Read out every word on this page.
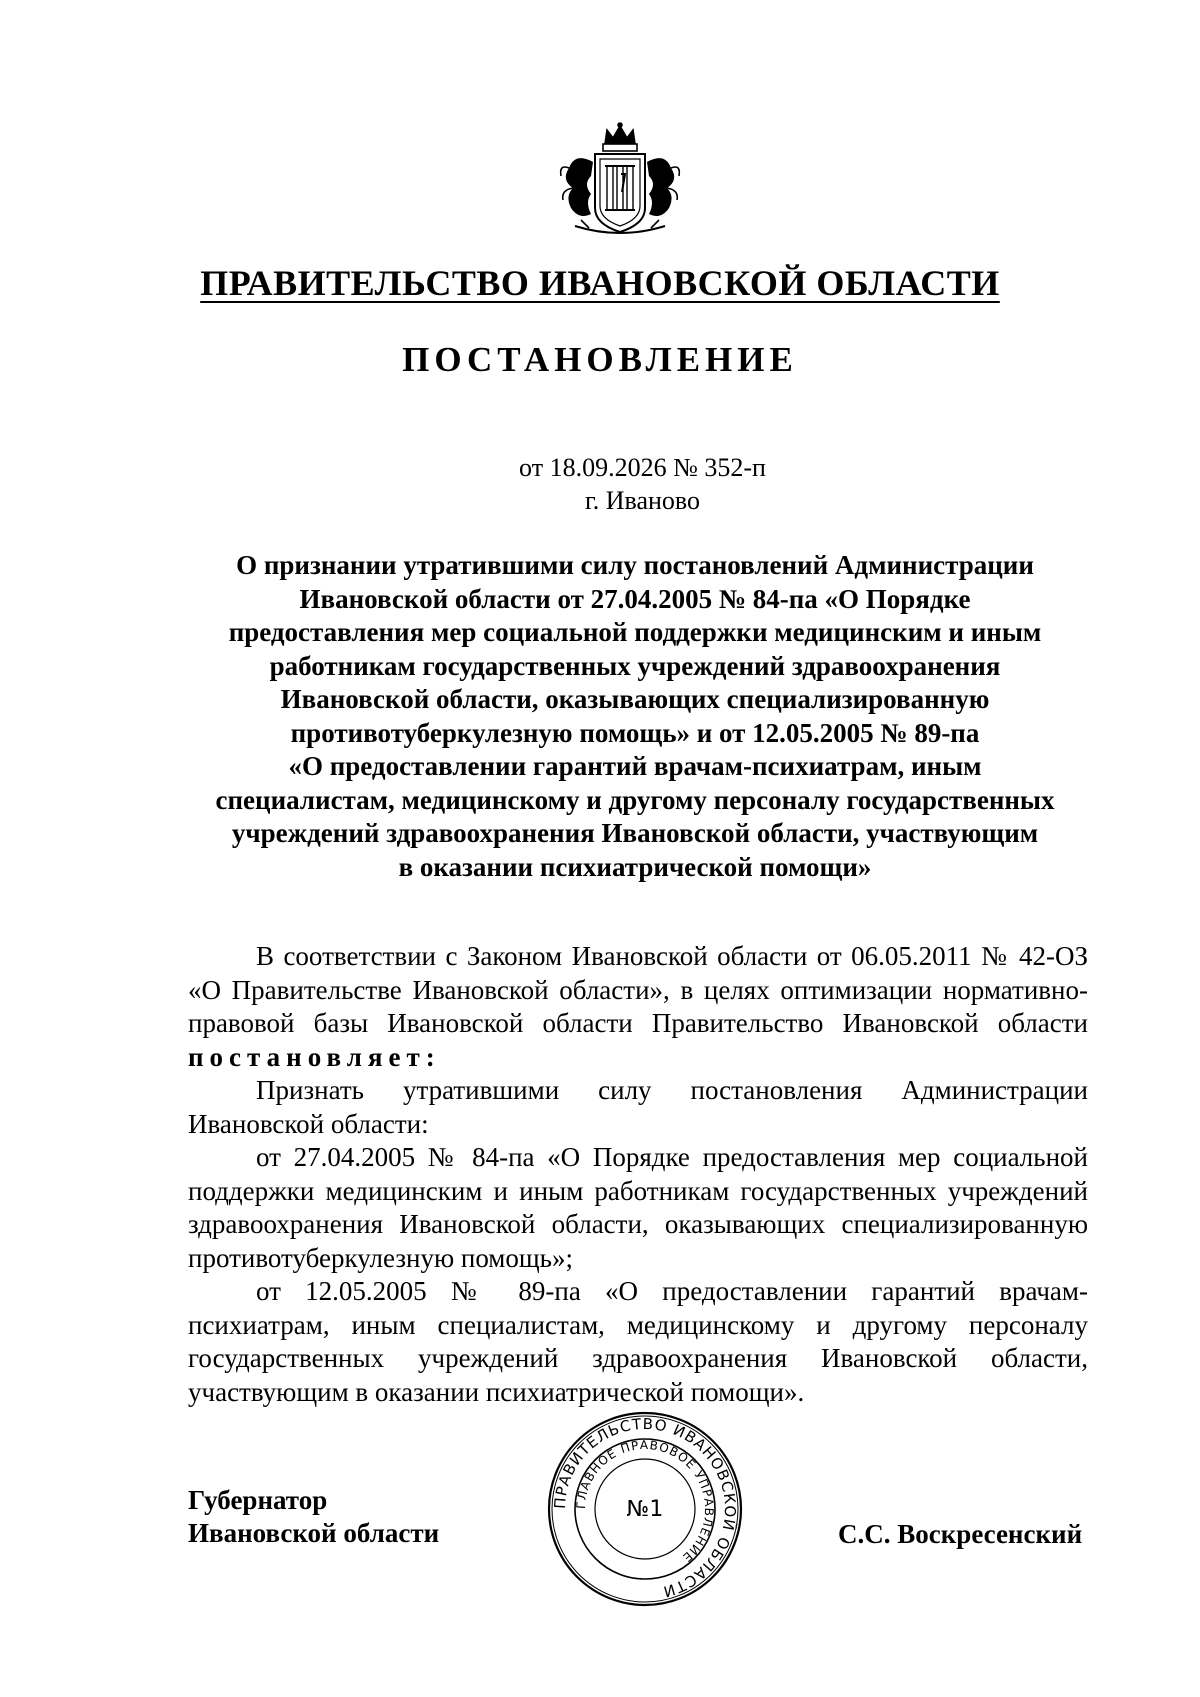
ПРАВИТЕЛЬСТВО ИВАНОВСКОЙ ОБЛАСТИ
ПОСТАНОВЛЕНИЕ
от 18.09.2026 № 352-п
г. Иваново
О признании утратившими силу постановлений Администрации
Ивановской области от 27.04.2005 № 84-па «О Порядке
предоставления мер социальной поддержки медицинским и иным
работникам государственных учреждений здравоохранения
Ивановской области, оказывающих специализированную
противотуберкулезную помощь» и от 12.05.2005 № 89-па
«О предоставлении гарантий врачам-психиатрам, иным
специалистам, медицинскому и другому персоналу государственных
учреждений здравоохранения Ивановской области, участвующим
в оказании психиатрической помощи»

В соответствии с Законом Ивановской области от 06.05.2011 № 42-ОЗ «О Правительстве Ивановской области», в целях оптимизации нормативно-правовой базы Ивановской области Правительство Ивановской области постановляет:

Признать утратившими силу постановления Администрации Ивановской области:

от 27.04.2005 № 84-па «О Порядке предоставления мер социальной поддержки медицинским и иным работникам государственных учреждений здравоохранения Ивановской области, оказывающих специализированную противотуберкулезную помощь»;

от 12.05.2005 № 89-па «О предоставлении гарантий врачам-психиатрам, иным специалистам, медицинскому и другому персоналу государственных учреждений здравоохранения Ивановской области, участвующим в оказании психиатрической помощи».

Губернатор
Ивановской области
ПРАВИТЕЛЬСТВО ИВАНОВСКОЙ ОБЛАСТИ
ГЛАВНОЕ ПРАВОВОЕ УПРАВЛЕНИЕ
№1
С.С. Воскресенский
